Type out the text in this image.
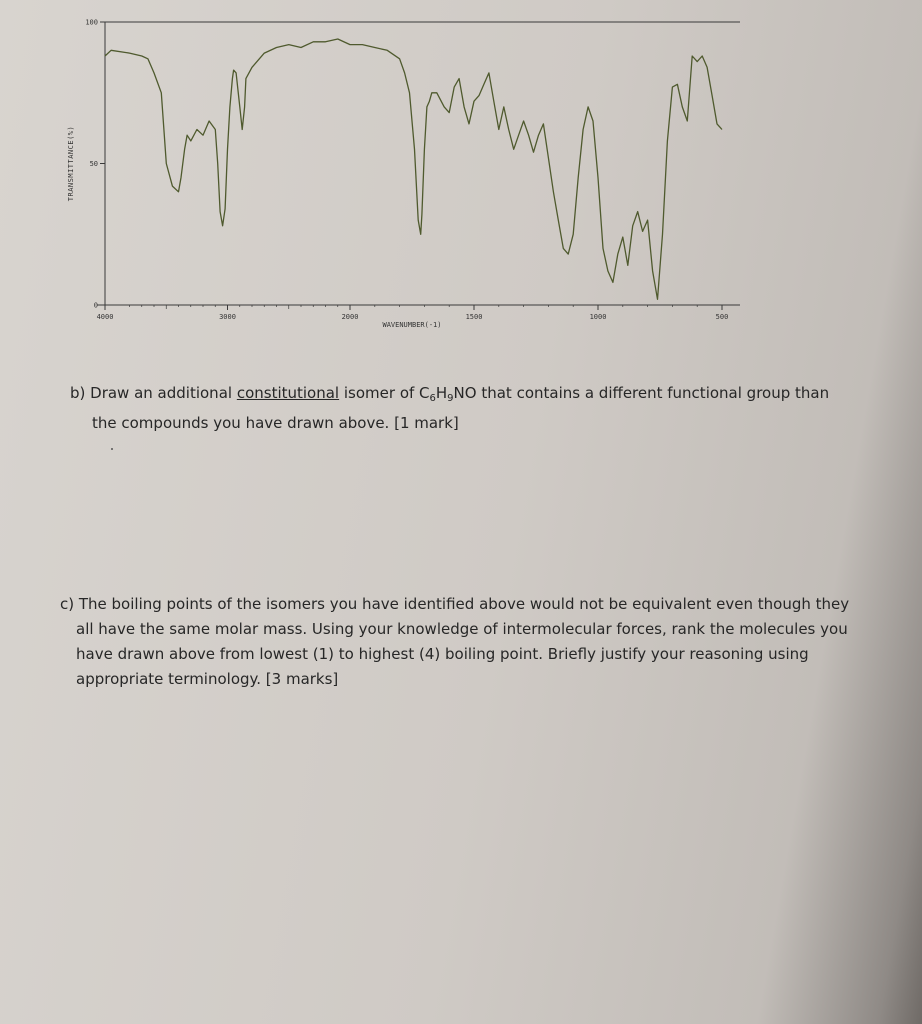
100
50
0
TRANSMITTANCE(%)
4000	3000	2000	1500	1000	500
WAVENUMBER(-1)
b) Draw an additional constitutional isomer of $C_6H_9NO$ that contains a different functional group than
the compounds you have drawn above. [1 mark]
c) The boiling points of the isomers you have identified above would not be equivalent even though they
all have the same molar mass. Using your knowledge of intermolecular forces, rank the molecules you
have drawn above from lowest (1) to highest (4) boiling point. Briefly justify your reasoning using
appropriate terminology. [3 marks]
